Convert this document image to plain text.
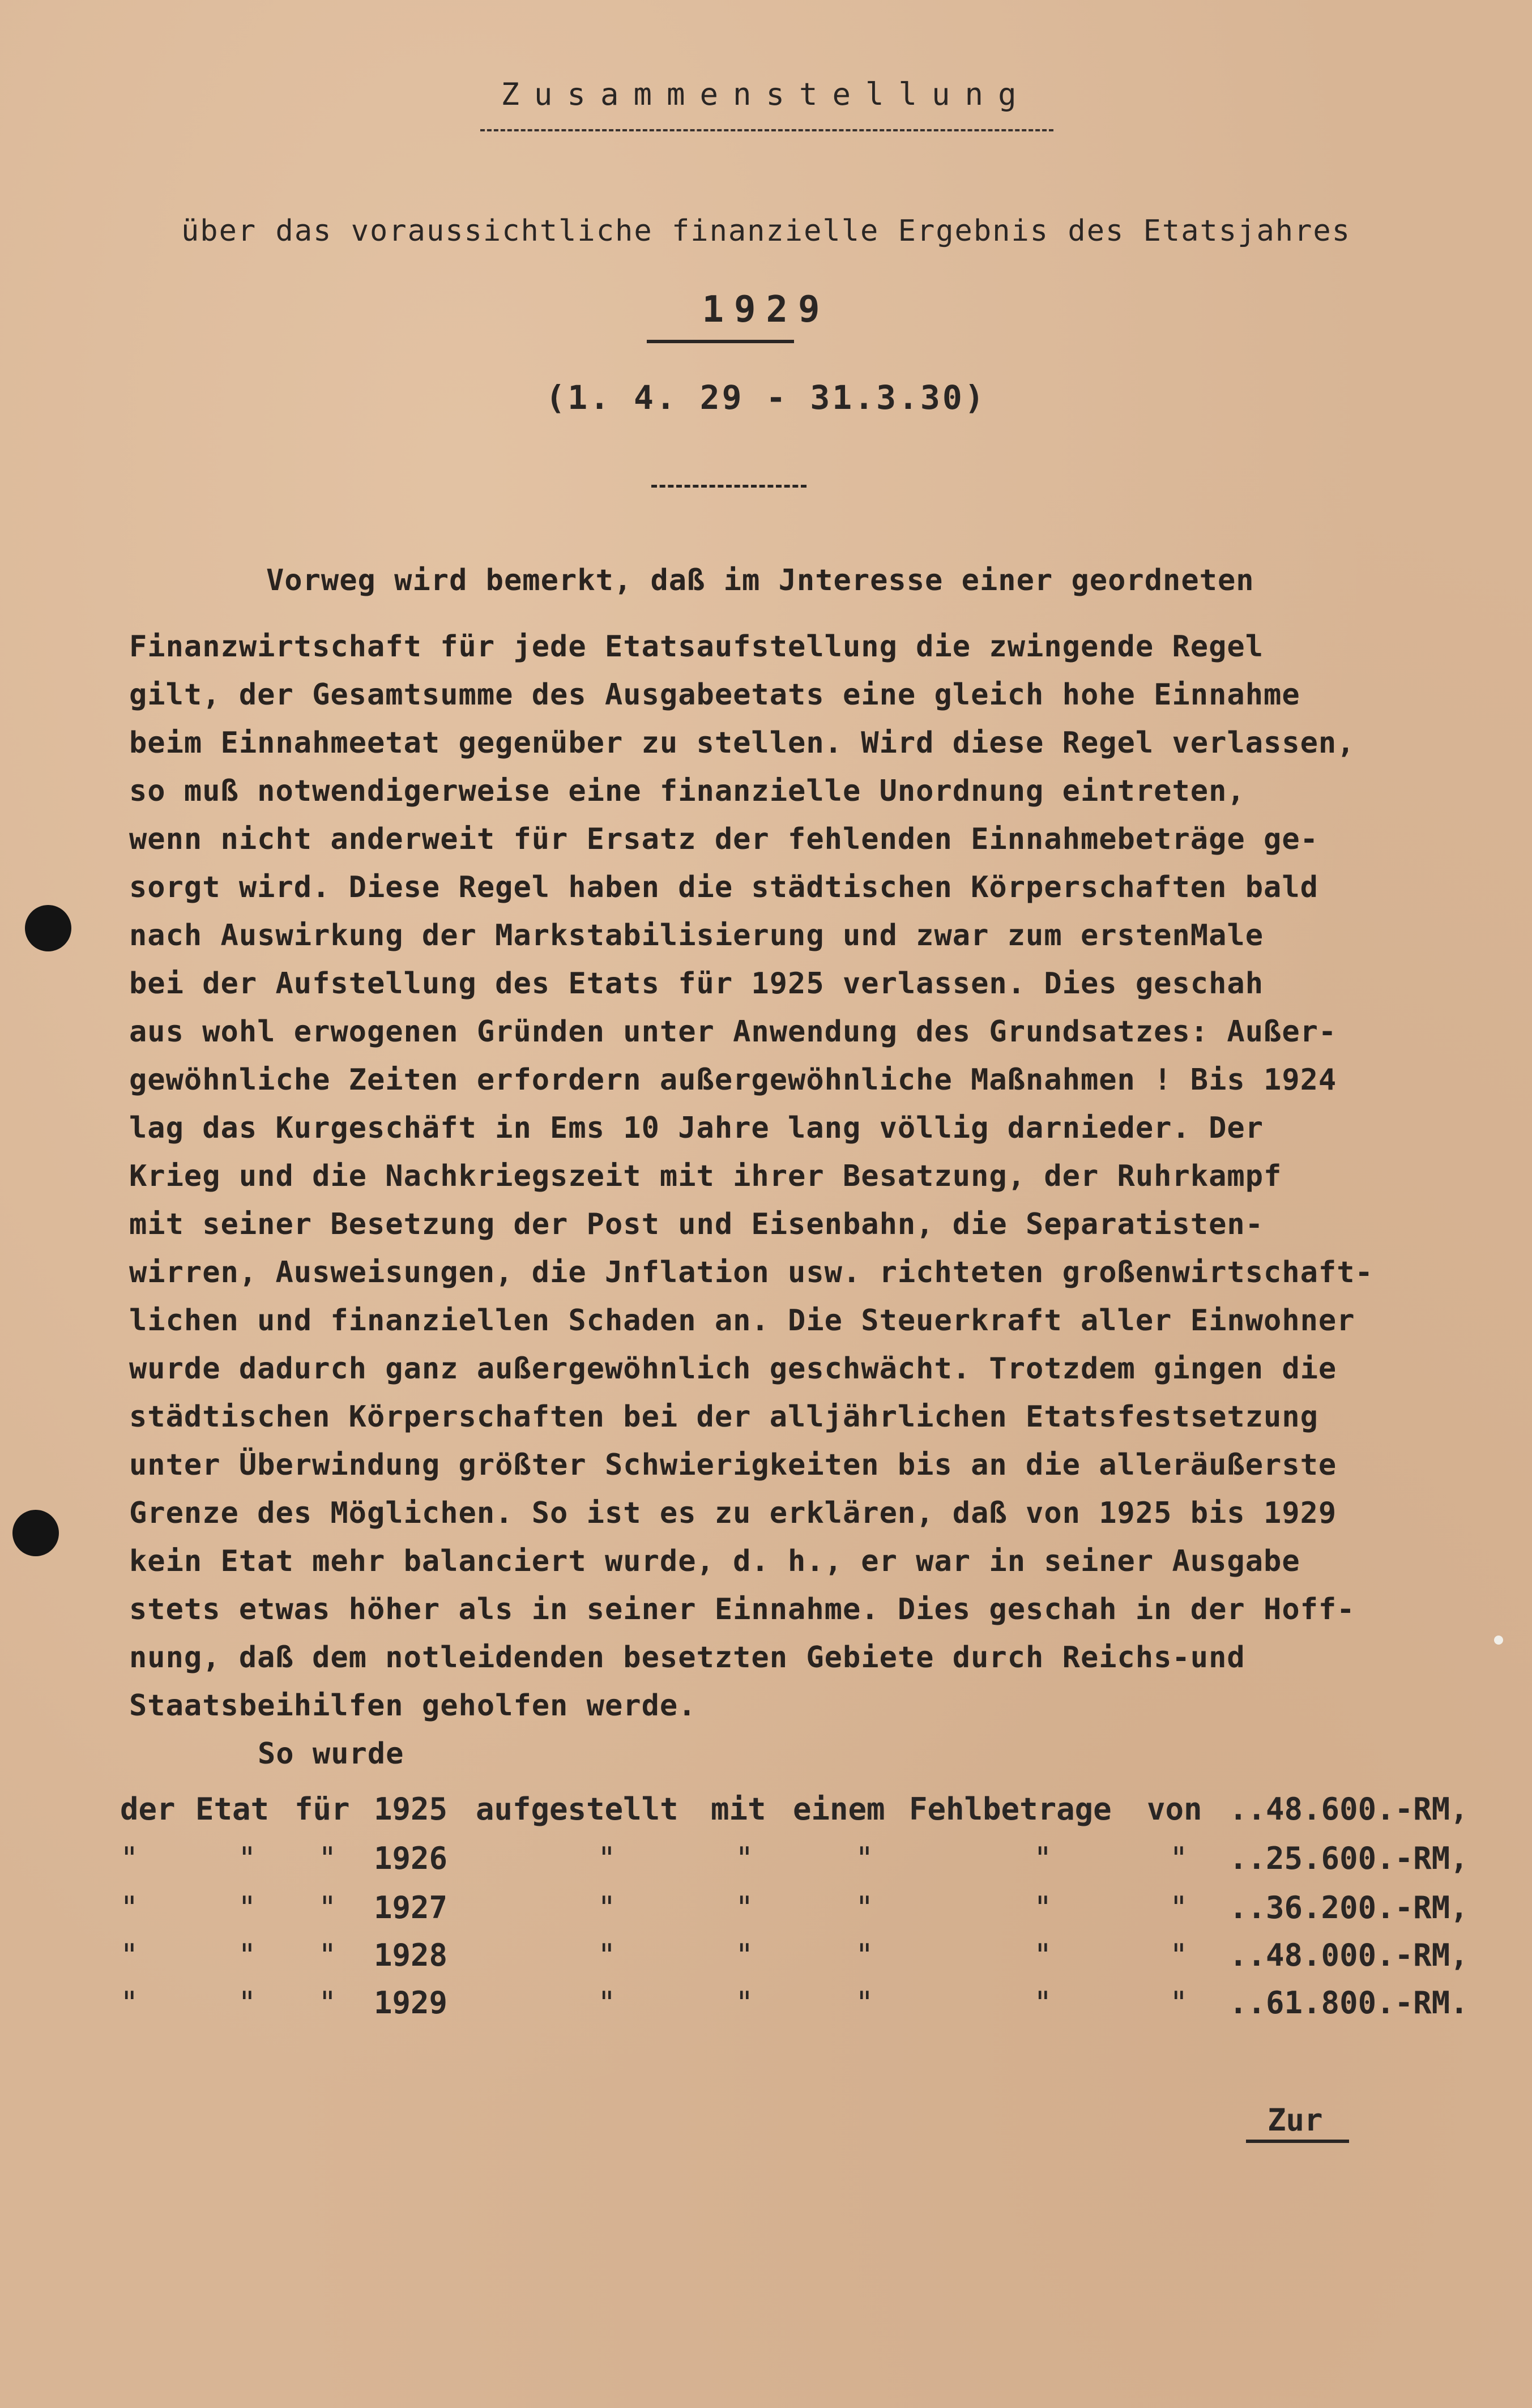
Zusammenstellung
über das voraussichtliche finanzielle Ergebnis des Etatsjahres
1929
(1. 4. 29 - 31.3.30)
Vorweg wird bemerkt, daß im Jnteresse einer geordneten
Finanzwirtschaft für jede Etatsaufstellung die zwingende Regel
gilt, der Gesamtsumme des Ausgabeetats eine gleich hohe Einnahme
beim Einnahmeetat gegenüber zu stellen. Wird diese Regel verlassen,
so muß notwendigerweise eine finanzielle Unordnung eintreten,
wenn nicht anderweit für Ersatz der fehlenden Einnahmebeträge ge-
sorgt wird. Diese Regel haben die städtischen Körperschaften bald
nach Auswirkung der Markstabilisierung und zwar zum erstenMale
bei der Aufstellung des Etats für 1925 verlassen. Dies geschah
aus wohl erwogenen Gründen unter Anwendung des Grundsatzes: Außer-
gewöhnliche Zeiten erfordern außergewöhnliche Maßnahmen ! Bis 1924
lag das Kurgeschäft in Ems 10 Jahre lang völlig darnieder. Der
Krieg und die Nachkriegszeit mit ihrer Besatzung, der Ruhrkampf
mit seiner Besetzung der Post und Eisenbahn, die Separatisten-
wirren, Ausweisungen, die Jnflation usw. richteten großenwirtschaft-
lichen und finanziellen Schaden an. Die Steuerkraft aller Einwohner
wurde dadurch ganz außergewöhnlich geschwächt. Trotzdem gingen die
städtischen Körperschaften bei der alljährlichen Etatsfestsetzung
unter Überwindung größter Schwierigkeiten bis an die alleräußerste
Grenze des Möglichen. So ist es zu erklären, daß von 1925 bis 1929
kein Etat mehr balanciert wurde, d. h., er war in seiner Ausgabe
stets etwas höher als in seiner Einnahme. Dies geschah in der Hoff-
nung, daß dem notleidenden besetzten Gebiete durch Reichs-und
Staatsbeihilfen geholfen werde.
So wurde
der Etat für 1925 aufgestellt mit einem Fehlbetrage von ..48.600.-RM,
"	" " 1926	"	"	"	"	" ..25.600.-RM,
"	" " 1927	"	"	"	"	" ..36.200.-RM,
"	" " 1928	"	"	"	"	" ..48.000.-RM,
"	" " 1929	"	"	"	"	" ..61.800.-RM.
Zur
